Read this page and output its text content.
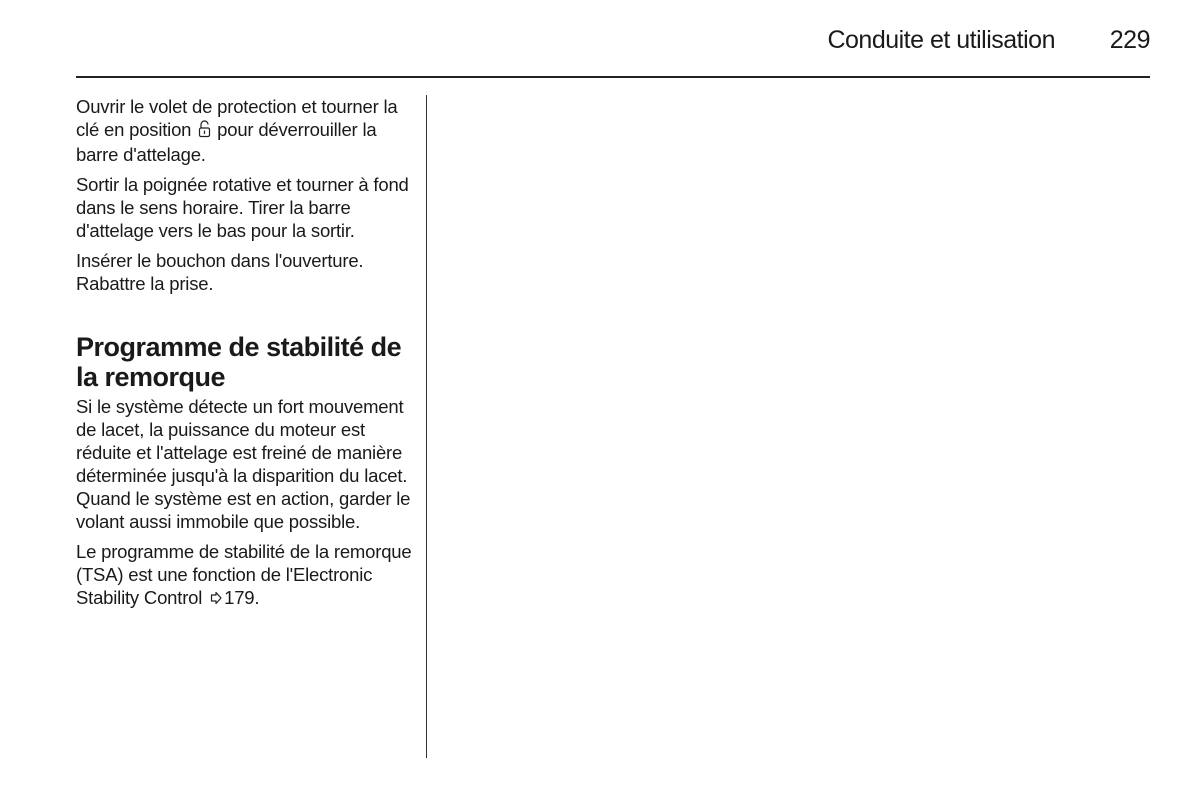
Conduite et utilisation 229

Ouvrir le volet de protection et tourner la clé en position  pour déverrouiller la barre d'attelage.

Sortir la poignée rotative et tourner à fond dans le sens horaire. Tirer la barre d'attelage vers le bas pour la sortir.

Insérer le bouchon dans l'ouverture. Rabattre la prise.

Programme de stabilité de la remorque

Si le système détecte un fort mouvement de lacet, la puissance du moteur est réduite et l'attelage est freiné de manière déterminée jusqu'à la disparition du lacet. Quand le système est en action, garder le volant aussi immobile que possible.

Le programme de stabilité de la remorque (TSA) est une fonction de l'Electronic Stability Control 179.
